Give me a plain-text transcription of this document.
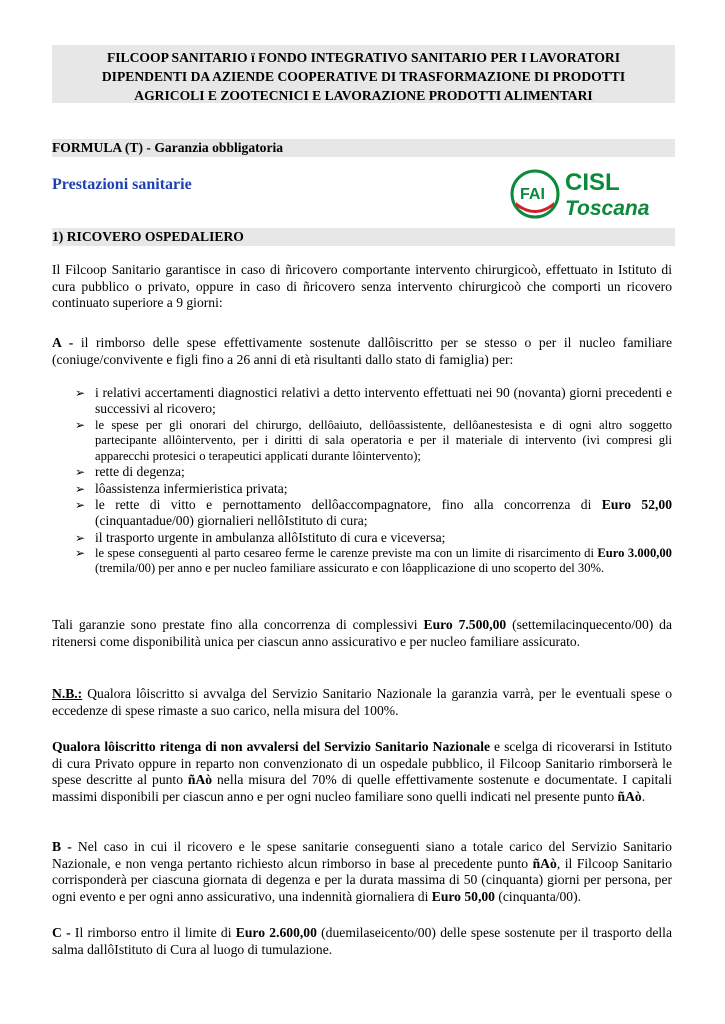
FILCOOP SANITARIO ï FONDO INTEGRATIVO SANITARIO PER I LAVORATORI
DIPENDENTI DA AZIENDE COOPERATIVE DI TRASFORMAZIONE DI PRODOTTI
AGRICOLI E ZOOTECNICI E LAVORAZIONE PRODOTTI ALIMENTARI
FORMULA (T) - Garanzia obbligatoria
Prestazioni sanitarie
FAI CISL
Toscana
1) RICOVERO OSPEDALIERO
Il Filcoop Sanitario garantisce in caso di ñricovero comportante intervento chirurgicoò, effettuato in Istituto di cura pubblico o privato, oppure in caso di ñricovero senza intervento chirurgicoò che comporti un ricovero continuato superiore a 9 giorni:
A - il rimborso delle spese effettivamente sostenute dallôiscritto per se stesso o per il nucleo familiare (coniuge/convivente e figli fino a 26 anni di età risultanti dallo stato di famiglia) per:
➢ i relativi accertamenti diagnostici relativi a detto intervento effettuati nei 90 (novanta) giorni precedenti e successivi al ricovero;
➢ le spese per gli onorari del chirurgo, dellôaiuto, dellôassistente, dellôanestesista e di ogni altro soggetto partecipante allôintervento, per i diritti di sala operatoria e per il materiale di intervento (ivi compresi gli apparecchi protesici o terapeutici applicati durante lôintervento);
➢ rette di degenza;
➢ lôassistenza infermieristica privata;
➢ le rette di vitto e pernottamento dellôaccompagnatore, fino alla concorrenza di Euro 52,00 (cinquantadue/00) giornalieri nellôIstituto di cura;
➢ il trasporto urgente in ambulanza allôIstituto di cura e viceversa;
➢ le spese conseguenti al parto cesareo ferme le carenze previste ma con un limite di risarcimento di Euro 3.000,00 (tremila/00) per anno e per nucleo familiare assicurato e con lôapplicazione di uno scoperto del 30%.
Tali garanzie sono prestate fino alla concorrenza di complessivi Euro 7.500,00 (settemilacinquecento/00) da ritenersi come disponibilità unica per ciascun anno assicurativo e per nucleo familiare assicurato.
N.B.: Qualora lôiscritto si avvalga del Servizio Sanitario Nazionale la garanzia varrà, per le eventuali spese o eccedenze di spese rimaste a suo carico, nella misura del 100%.
Qualora lôiscritto ritenga di non avvalersi del Servizio Sanitario Nazionale e scelga di ricoverarsi in Istituto di cura Privato oppure in reparto non convenzionato di un ospedale pubblico, il Filcoop Sanitario rimborserà le spese descritte al punto ñAò nella misura del 70% di quelle effettivamente sostenute e documentate. I capitali massimi disponibili per ciascun anno e per ogni nucleo familiare sono quelli indicati nel presente punto ñAò.
B - Nel caso in cui il ricovero e le spese sanitarie conseguenti siano a totale carico del Servizio Sanitario Nazionale, e non venga pertanto richiesto alcun rimborso in base al precedente punto ñAò, il Filcoop Sanitario corrisponderà per ciascuna giornata di degenza e per la durata massima di 50 (cinquanta) giorni per persona, per ogni evento e per ogni anno assicurativo, una indennità giornaliera di Euro 50,00 (cinquanta/00).
C - Il rimborso entro il limite di Euro 2.600,00 (duemilaseicento/00) delle spese sostenute per il trasporto della salma dallôIstituto di Cura al luogo di tumulazione.
